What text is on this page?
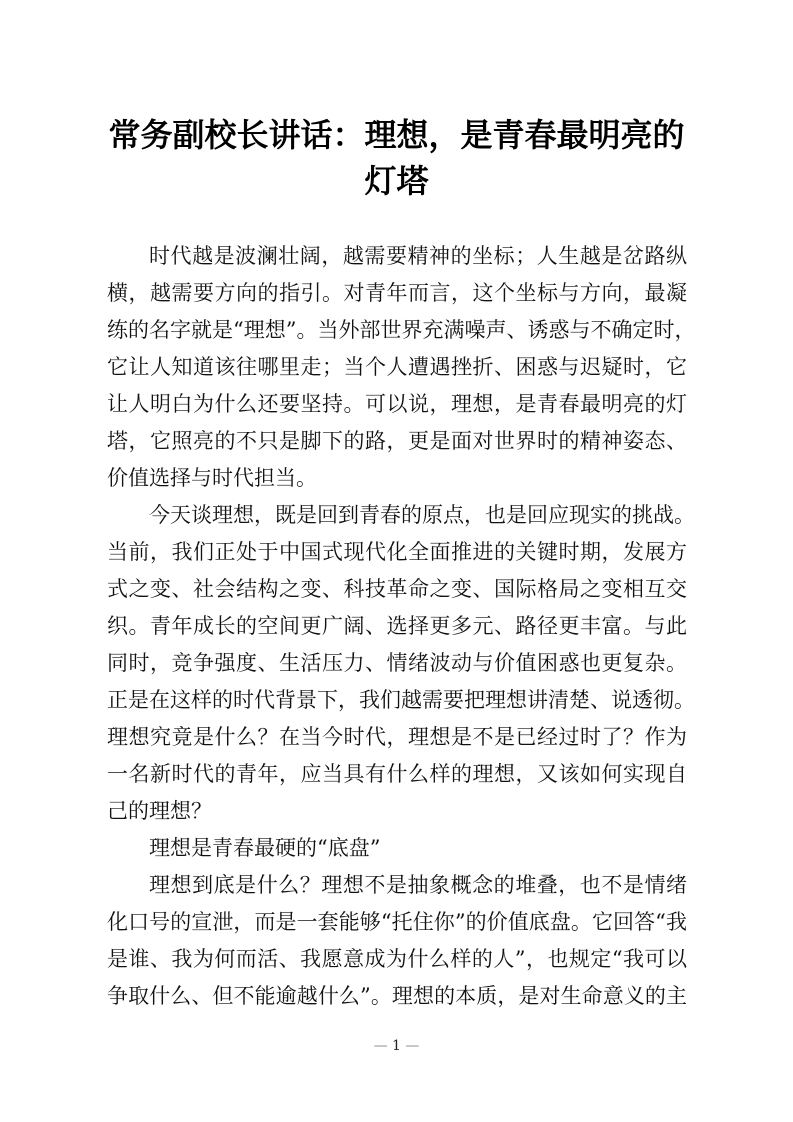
常务副校长讲话：理想，是青春最明亮的
灯塔
时代越是波澜壮阔，越需要精神的坐标；人生越是岔路纵
横，越需要方向的指引。对青年而言，这个坐标与方向，最凝
练的名字就是“理想”。当外部世界充满噪声、诱惑与不确定时，
它让人知道该往哪里走；当个人遭遇挫折、困惑与迟疑时，它
让人明白为什么还要坚持。可以说，理想，是青春最明亮的灯
塔，它照亮的不只是脚下的路，更是面对世界时的精神姿态、
价值选择与时代担当。
今天谈理想，既是回到青春的原点，也是回应现实的挑战。
当前，我们正处于中国式现代化全面推进的关键时期，发展方
式之变、社会结构之变、科技革命之变、国际格局之变相互交
织。青年成长的空间更广阔、选择更多元、路径更丰富。与此
同时，竞争强度、生活压力、情绪波动与价值困惑也更复杂。
正是在这样的时代背景下，我们越需要把理想讲清楚、说透彻。
理想究竟是什么？在当今时代，理想是不是已经过时了？作为
一名新时代的青年，应当具有什么样的理想，又该如何实现自
己的理想？
理想是青春最硬的“底盘”
理想到底是什么？理想不是抽象概念的堆叠，也不是情绪
化口号的宣泄，而是一套能够“托住你”的价值底盘。它回答“我
是谁、我为何而活、我愿意成为什么样的人”，也规定“我可以
争取什么、但不能逾越什么”。理想的本质，是对生命意义的主
— 1 —
